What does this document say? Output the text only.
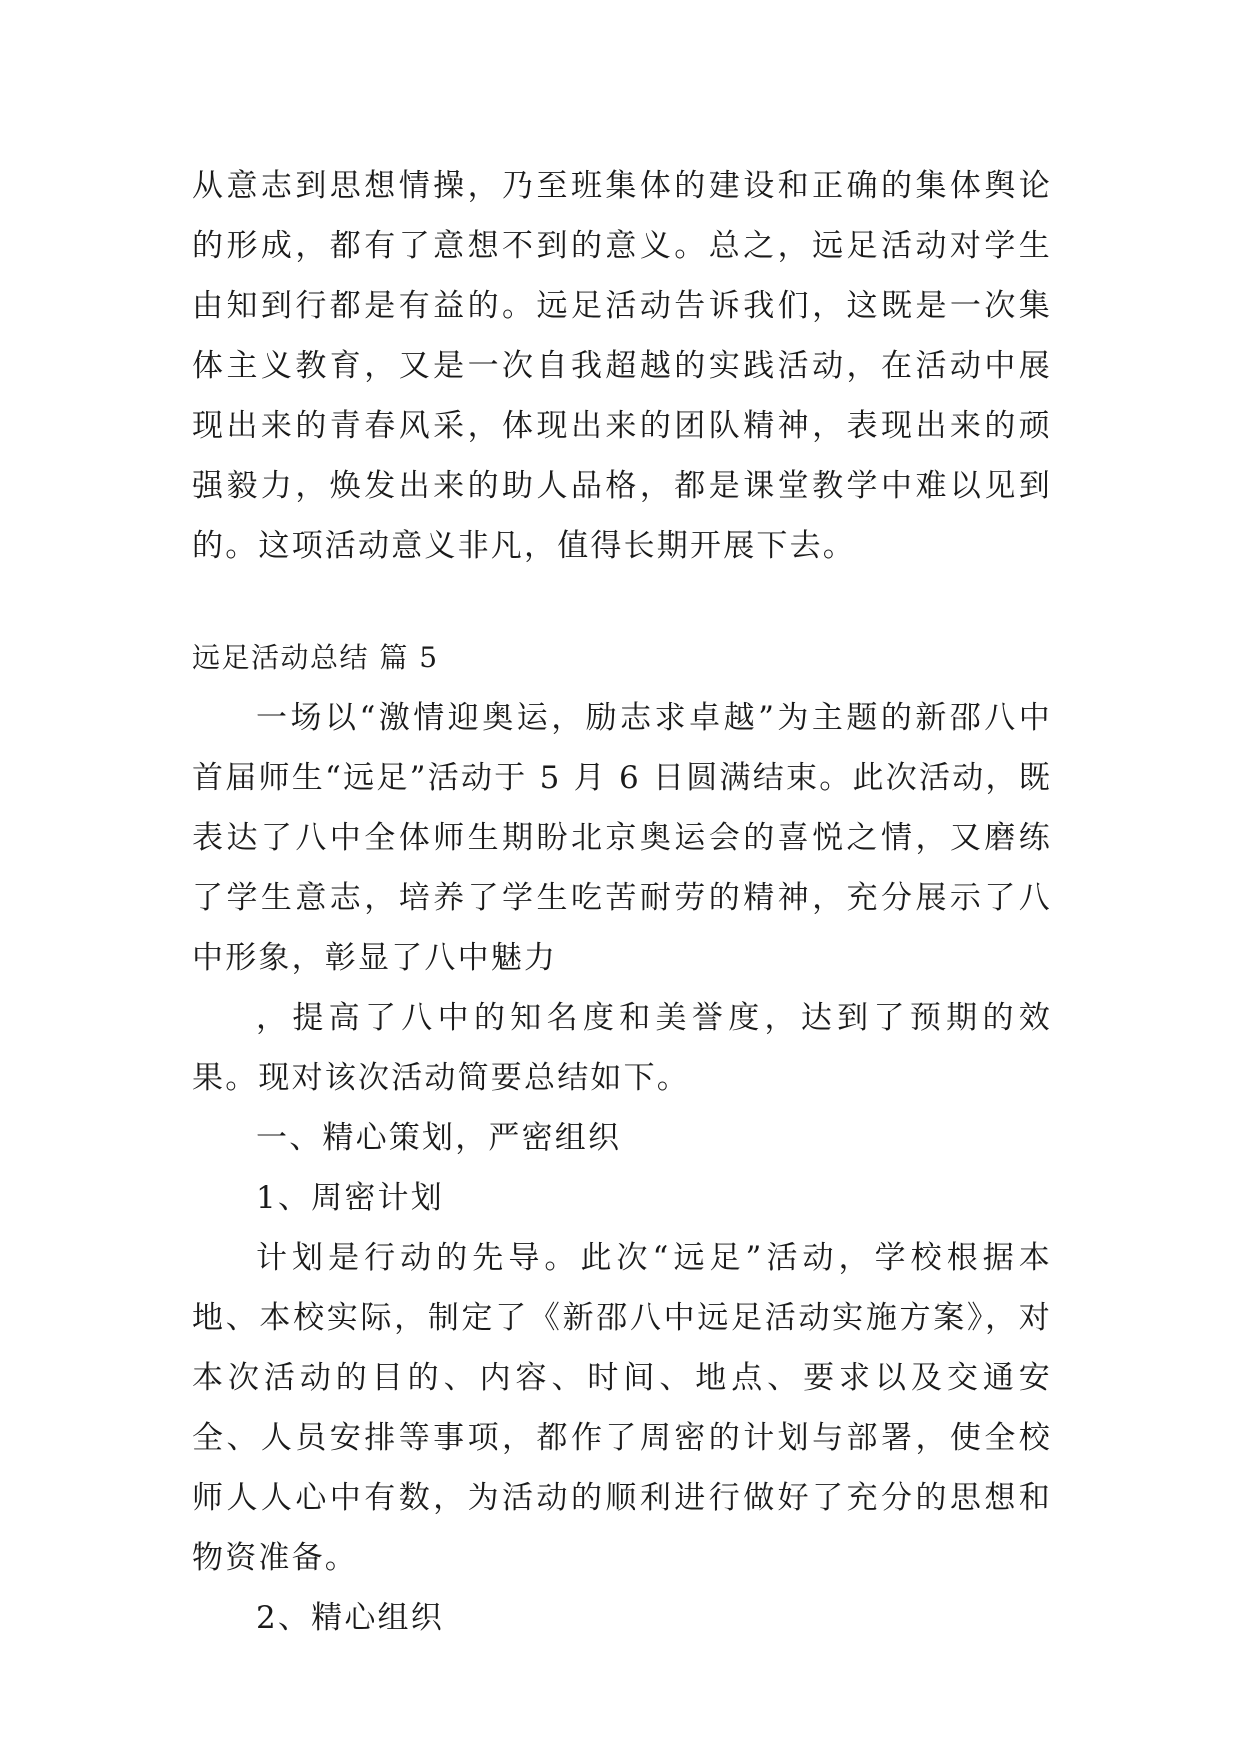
从意志到思想情操，乃至班集体的建设和正确的集体舆论的形成，都有了意想不到的意义。总之，远足活动对学生由知到行都是有益的。远足活动告诉我们，这既是一次集体主义教育，又是一次自我超越的实践活动，在活动中展现出来的青春风采，体现出来的团队精神，表现出来的顽强毅力，焕发出来的助人品格，都是课堂教学中难以见到的。这项活动意义非凡，值得长期开展下去。

远足活动总结 篇 5

一场以“激情迎奥运，励志求卓越”为主题的新邵八中首届师生“远足”活动于 5 月 6 日圆满结束。此次活动，既表达了八中全体师生期盼北京奥运会的喜悦之情，又磨练了学生意志，培养了学生吃苦耐劳的精神，充分展示了八中形象，彰显了八中魅力

，提高了八中的知名度和美誉度，达到了预期的效果。现对该次活动简要总结如下。

一、精心策划，严密组织

1、周密计划

计划是行动的先导。此次“远足”活动，学校根据本地、本校实际，制定了《新邵八中远足活动实施方案》，对本次活动的目的、内容、时间、地点、要求以及交通安全、人员安排等事项，都作了周密的计划与部署，使全校师人人心中有数，为活动的顺利进行做好了充分的思想和物资准备。

2、精心组织
